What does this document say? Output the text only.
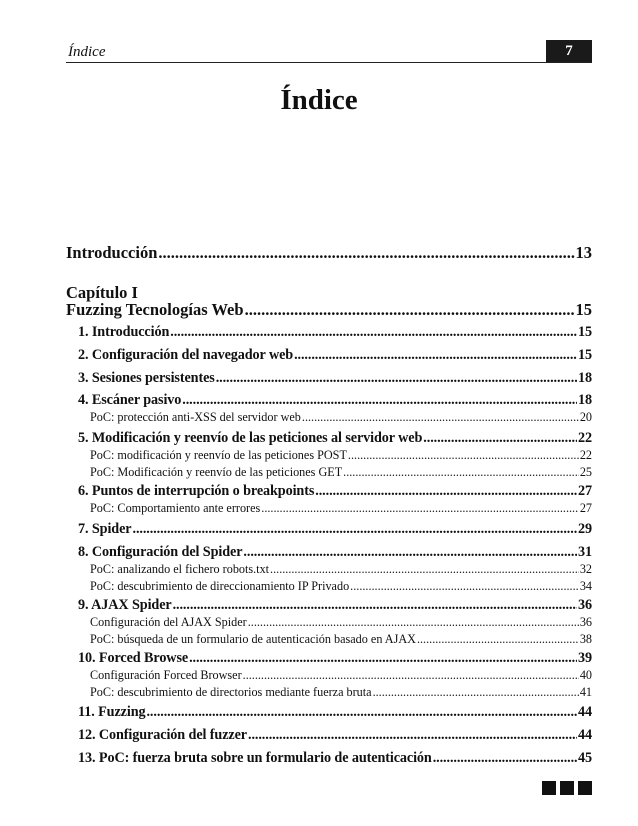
Índice	7
Índice
Introducción .....	13
Capítulo I
Fuzzing Tecnologías Web .....	15
1. Introducción .....	15
2. Configuración del navegador web .....	15
3. Sesiones persistentes .....	18
4. Escáner pasivo .....	18
PoC: protección anti-XSS del servidor web .....	20
5. Modificación y reenvío de las peticiones al servidor web .....	22
PoC: modificación y reenvío de las peticiones POST .....	22
PoC: Modificación y reenvío de las peticiones GET .....	25
6. Puntos de interrupción o breakpoints .....	27
PoC: Comportamiento ante errores .....	27
7. Spider .....	29
8. Configuración del Spider .....	31
PoC: analizando el fichero robots.txt .....	32
PoC: descubrimiento de direccionamiento IP Privado .....	34
9. AJAX Spider .....	36
Configuración del AJAX Spider .....	36
PoC: búsqueda de un formulario de autenticación basado en AJAX .....	38
10. Forced Browse .....	39
Configuración Forced Browser .....	40
PoC: descubrimiento de directorios mediante fuerza bruta .....	41
11. Fuzzing .....	44
12. Configuración del fuzzer .....	44
13. PoC: fuerza bruta sobre un formulario de autenticación .....	45
